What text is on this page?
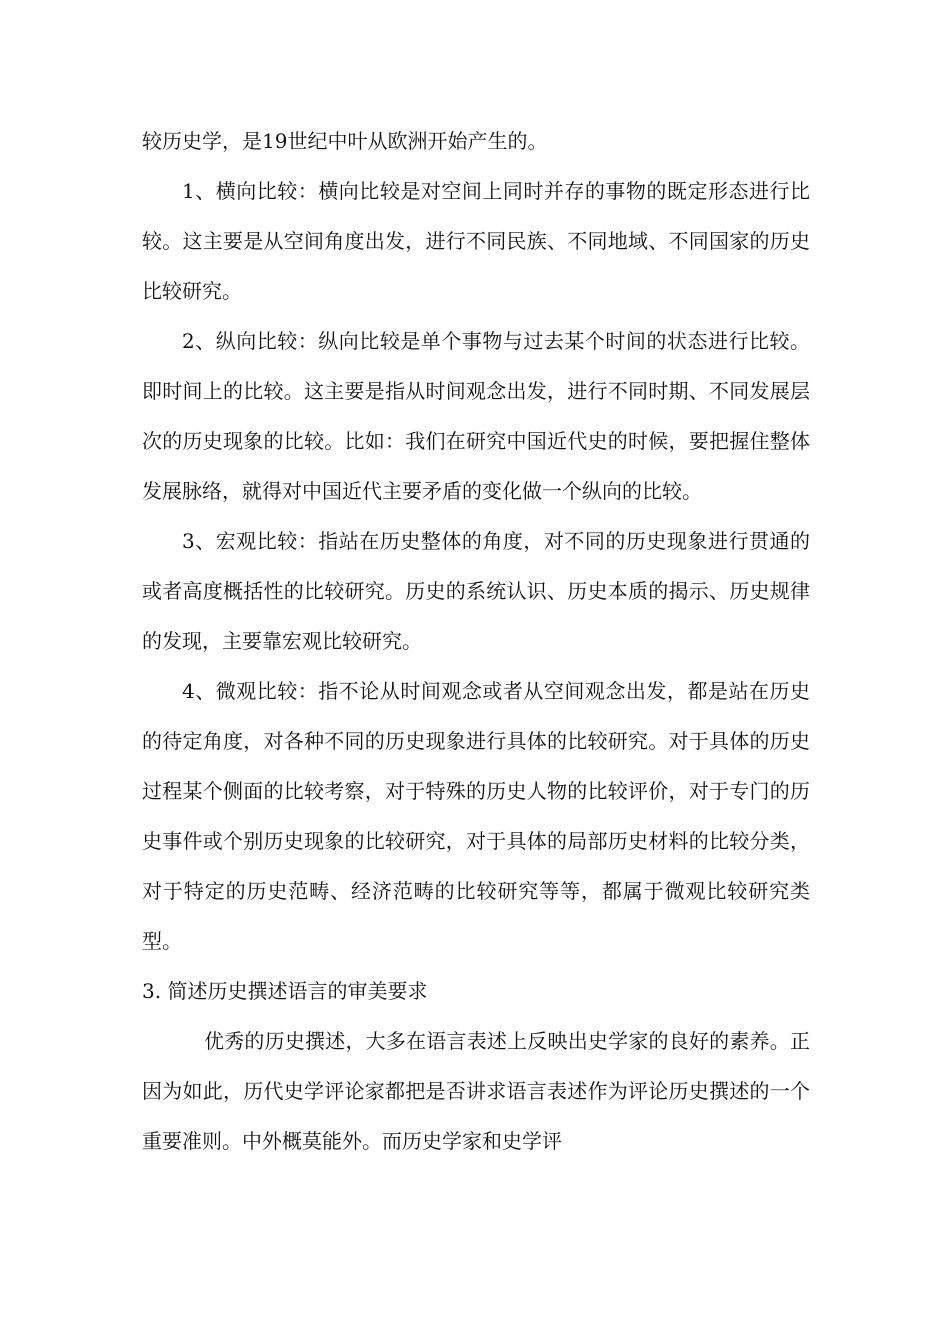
较历史学，是19世纪中叶从欧洲开始产生的。

1、横向比较：横向比较是对空间上同时并存的事物的既定形态进行比较。这主要是从空间角度出发，进行不同民族、不同地域、不同国家的历史比较研究。

2、纵向比较：纵向比较是单个事物与过去某个时间的状态进行比较。即时间上的比较。这主要是指从时间观念出发，进行不同时期、不同发展层次的历史现象的比较。比如：我们在研究中国近代史的时候，要把握住整体发展脉络，就得对中国近代主要矛盾的变化做一个纵向的比较。

3、宏观比较：指站在历史整体的角度，对不同的历史现象进行贯通的或者高度概括性的比较研究。历史的系统认识、历史本质的揭示、历史规律的发现，主要靠宏观比较研究。

4、微观比较：指不论从时间观念或者从空间观念出发，都是站在历史的待定角度，对各种不同的历史现象进行具体的比较研究。对于具体的历史过程某个侧面的比较考察，对于特殊的历史人物的比较评价，对于专门的历史事件或个别历史现象的比较研究，对于具体的局部历史材料的比较分类，对于特定的历史范畴、经济范畴的比较研究等等，都属于微观比较研究类型。

3. 简述历史撰述语言的审美要求

优秀的历史撰述，大多在语言表述上反映出史学家的良好的素养。正因为如此，历代史学评论家都把是否讲求语言表述作为评论历史撰述的一个重要准则。中外概莫能外。而历史学家和史学评
